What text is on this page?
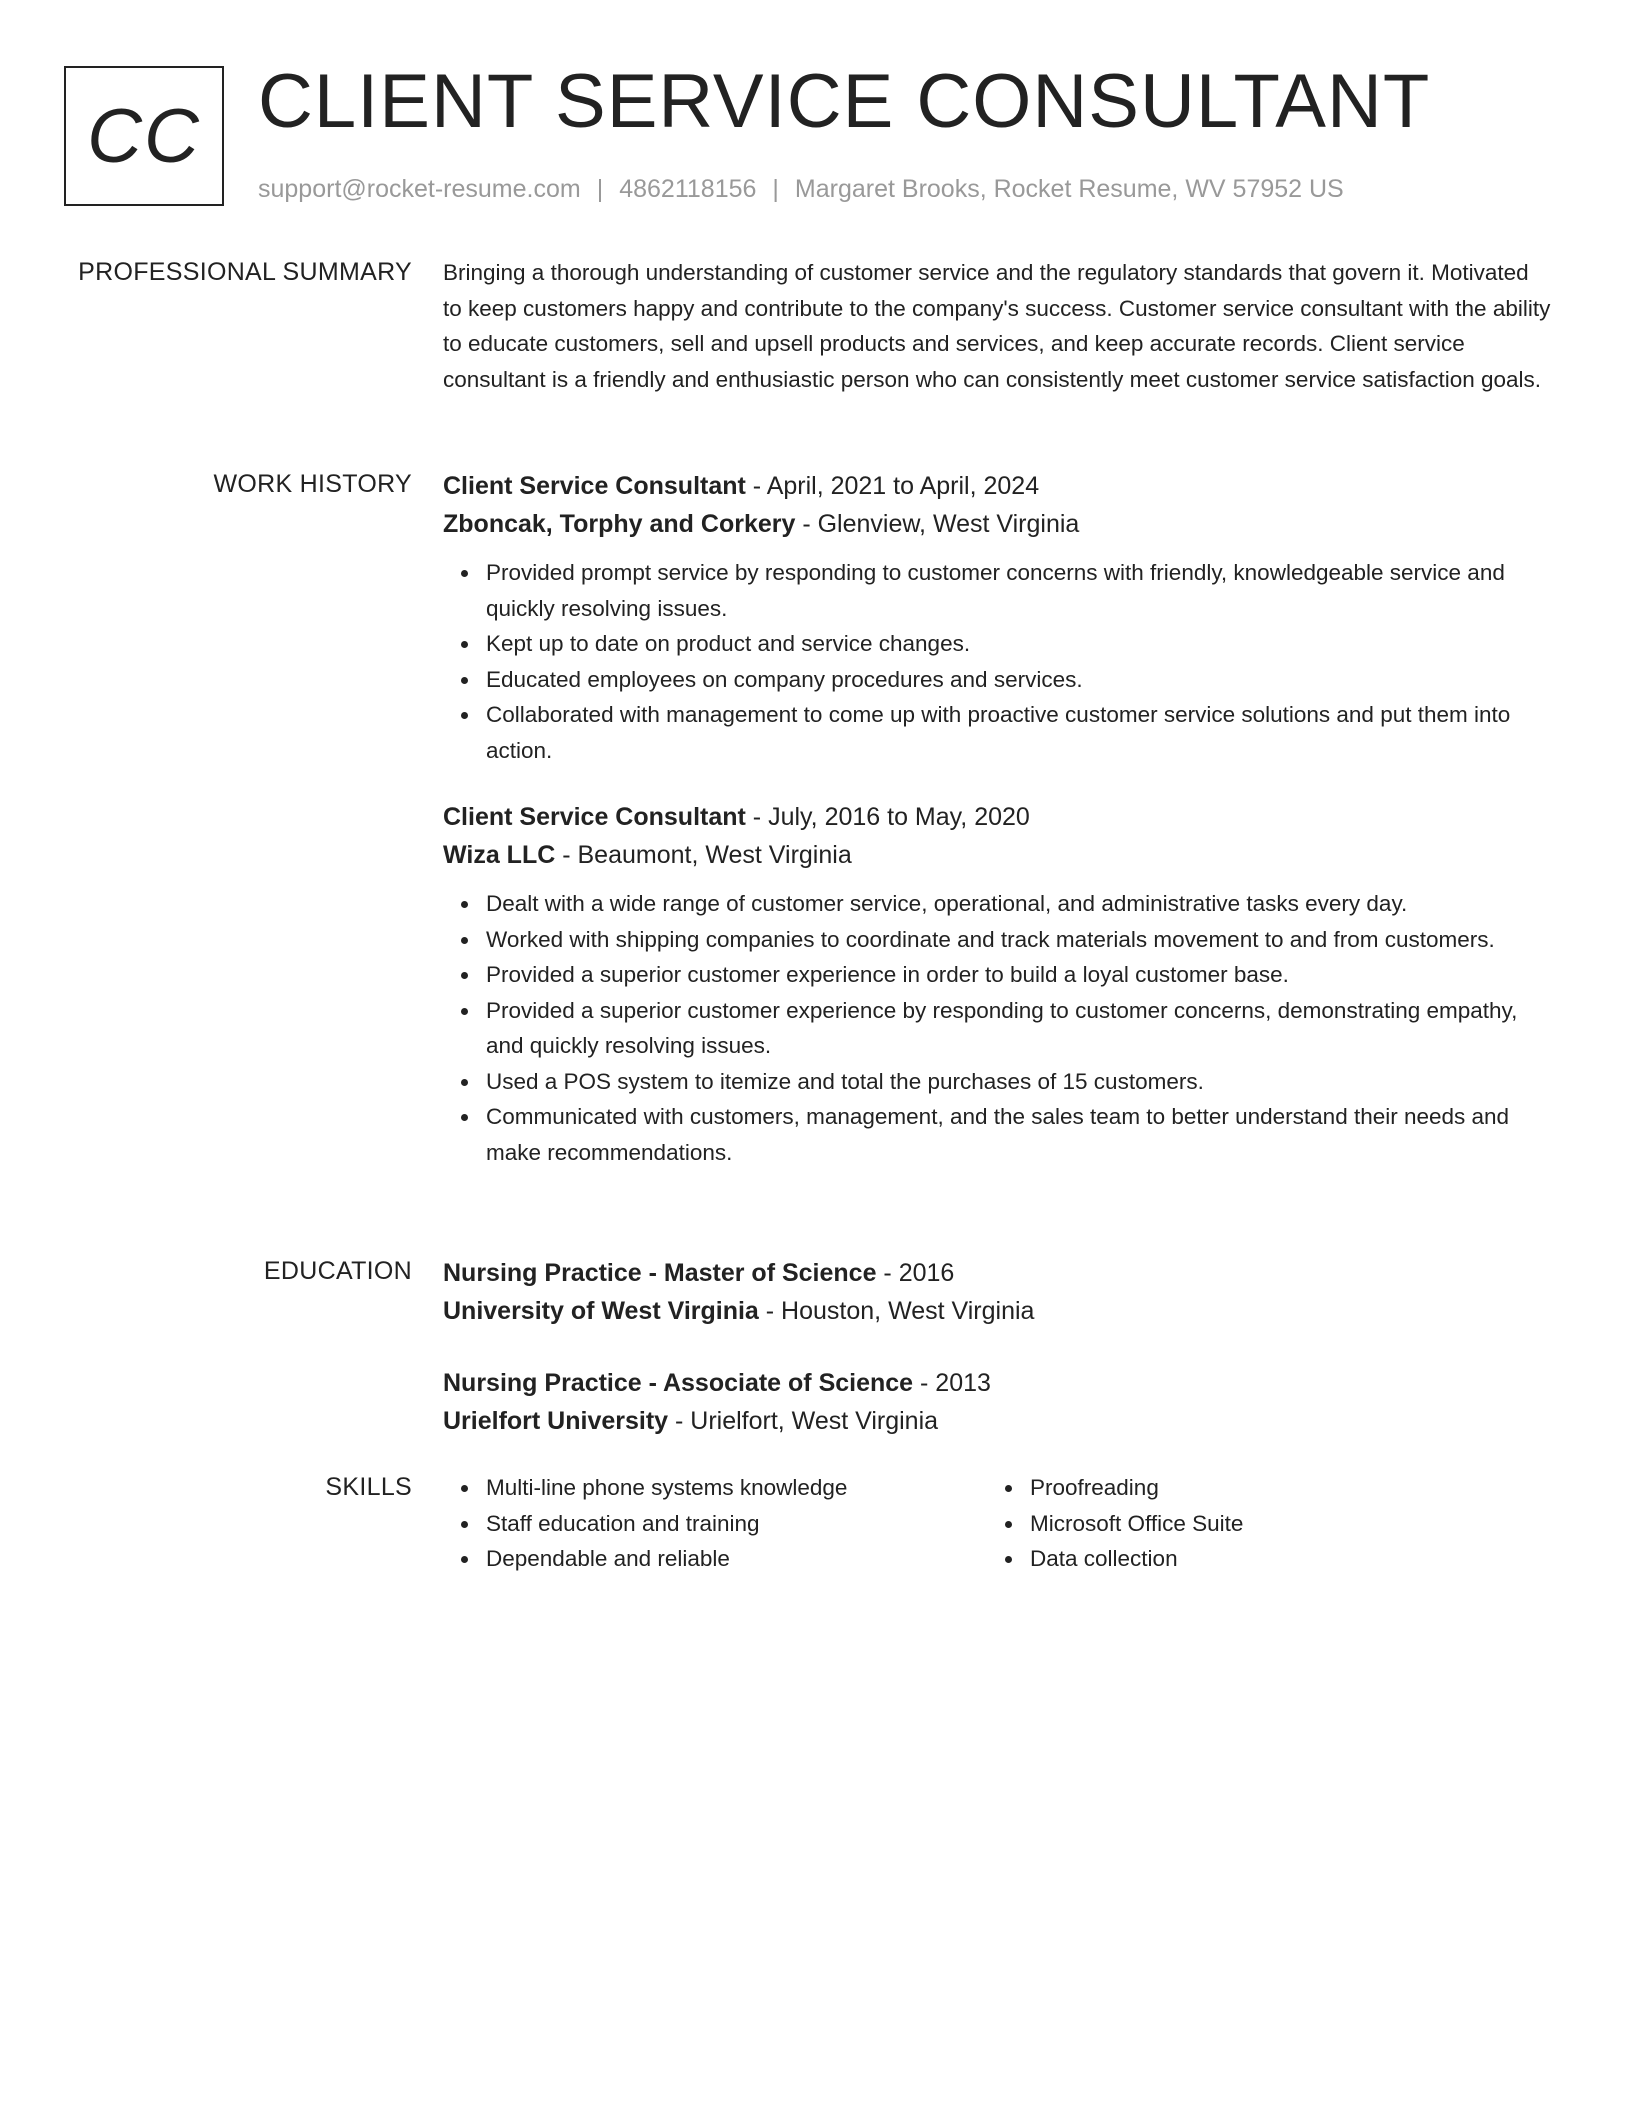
CC CLIENT SERVICE CONSULTANT
support@rocket-resume.com | 4862118156 | Margaret Brooks, Rocket Resume, WV 57952 US
PROFESSIONAL SUMMARY Bringing a thorough understanding of customer service and the regulatory standards that govern it. Motivated to keep customers happy and contribute to the company's success. Customer service consultant with the ability to educate customers, sell and upsell products and services, and keep accurate records. Client service consultant is a friendly and enthusiastic person who can consistently meet customer service satisfaction goals.

WORK HISTORY Client Service Consultant - April, 2021 to April, 2024

Zboncak, Torphy and Corkery - Glenview, West Virginia

Provided prompt service by responding to customer concerns with friendly, knowledgeable service and quickly resolving issues.
Kept up to date on product and service changes.
Educated employees on company procedures and services.
Collaborated with management to come up with proactive customer service solutions and put them into action.

Client Service Consultant - July, 2016 to May, 2020

Wiza LLC - Beaumont, West Virginia

Dealt with a wide range of customer service, operational, and administrative tasks every day.
Worked with shipping companies to coordinate and track materials movement to and from customers.
Provided a superior customer experience in order to build a loyal customer base.
Provided a superior customer experience by responding to customer concerns, demonstrating empathy, and quickly resolving issues.
Used a POS system to itemize and total the purchases of 15 customers.
Communicated with customers, management, and the sales team to better understand their needs and make recommendations.
EDUCATION Nursing Practice - Master of Science - 2016

University of West Virginia - Houston, West Virginia

Nursing Practice - Associate of Science - 2013

Urielfort University - Urielfort, West Virginia

SKILLS	Multi-line phone systems knowledge
Staff education and training
Dependable and reliable
Proofreading
Microsoft Office Suite
Data collection
